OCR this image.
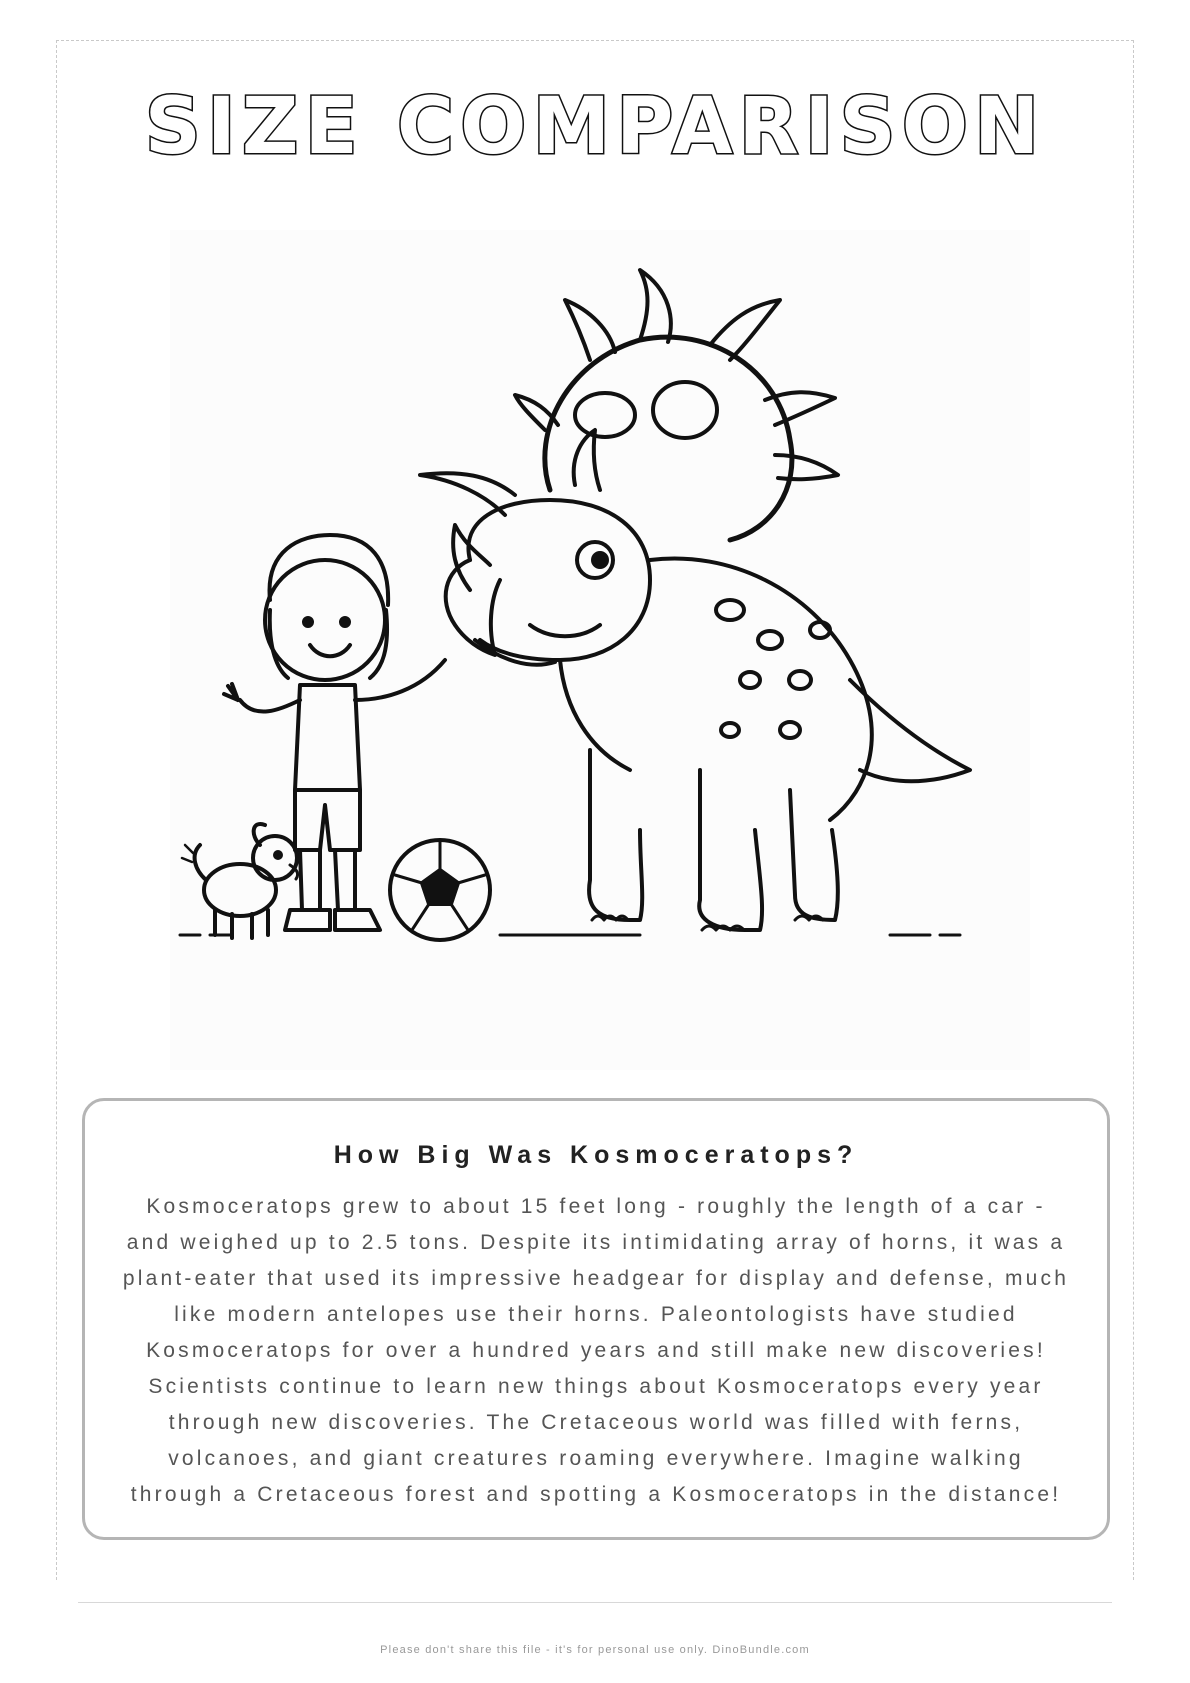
SIZE COMPARISON
How Big Was Kosmoceratops?
Kosmoceratops grew to about 15 feet long - roughly the length of a car - and weighed up to 2.5 tons. Despite its intimidating array of horns, it was a plant-eater that used its impressive headgear for display and defense, much like modern antelopes use their horns. Paleontologists have studied Kosmoceratops for over a hundred years and still make new discoveries! Scientists continue to learn new things about Kosmoceratops every year through new discoveries. The Cretaceous world was filled with ferns, volcanoes, and giant creatures roaming everywhere. Imagine walking through a Cretaceous forest and spotting a Kosmoceratops in the distance!
Please don't share this file - it's for personal use only. DinoBundle.com
